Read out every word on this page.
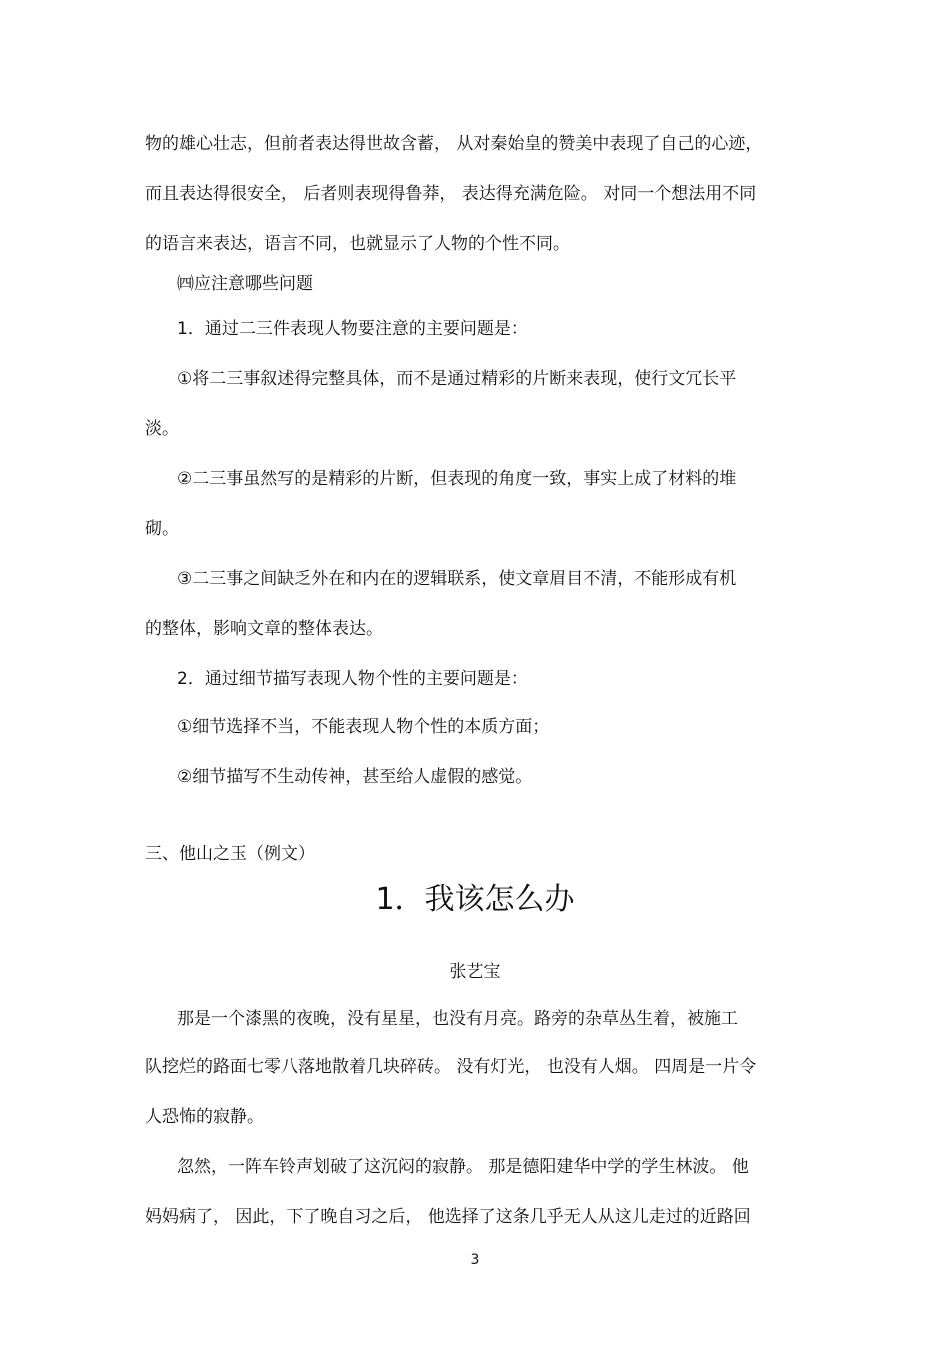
物的雄心壮志，但前者表达得世故含蓄， 从对秦始皇的赞美中表现了自己的心迹，
而且表达得很安全， 后者则表现得鲁莽， 表达得充满危险。 对同一个想法用不同
的语言来表达，语言不同，也就显示了人物的个性不同。
㈣应注意哪些问题
1．通过二三件表现人物要注意的主要问题是：
①将二三事叙述得完整具体，而不是通过精彩的片断来表现，使行文冗长平
淡。
②二三事虽然写的是精彩的片断，但表现的角度一致，事实上成了材料的堆
砌。
③二三事之间缺乏外在和内在的逻辑联系，使文章眉目不清，不能形成有机
的整体，影响文章的整体表达。
2．通过细节描写表现人物个性的主要问题是：
①细节选择不当，不能表现人物个性的本质方面；
②细节描写不生动传神，甚至给人虚假的感觉。
三、他山之玉（例文）
1．我该怎么办
张艺宝
那是一个漆黑的夜晚，没有星星，也没有月亮。路旁的杂草丛生着，被施工
队挖烂的路面七零八落地散着几块碎砖。 没有灯光， 也没有人烟。 四周是一片令
人恐怖的寂静。
忽然，一阵车铃声划破了这沉闷的寂静。 那是德阳建华中学的学生林波。 他
妈妈病了， 因此，下了晚自习之后， 他选择了这条几乎无人从这儿走过的近路回
3
